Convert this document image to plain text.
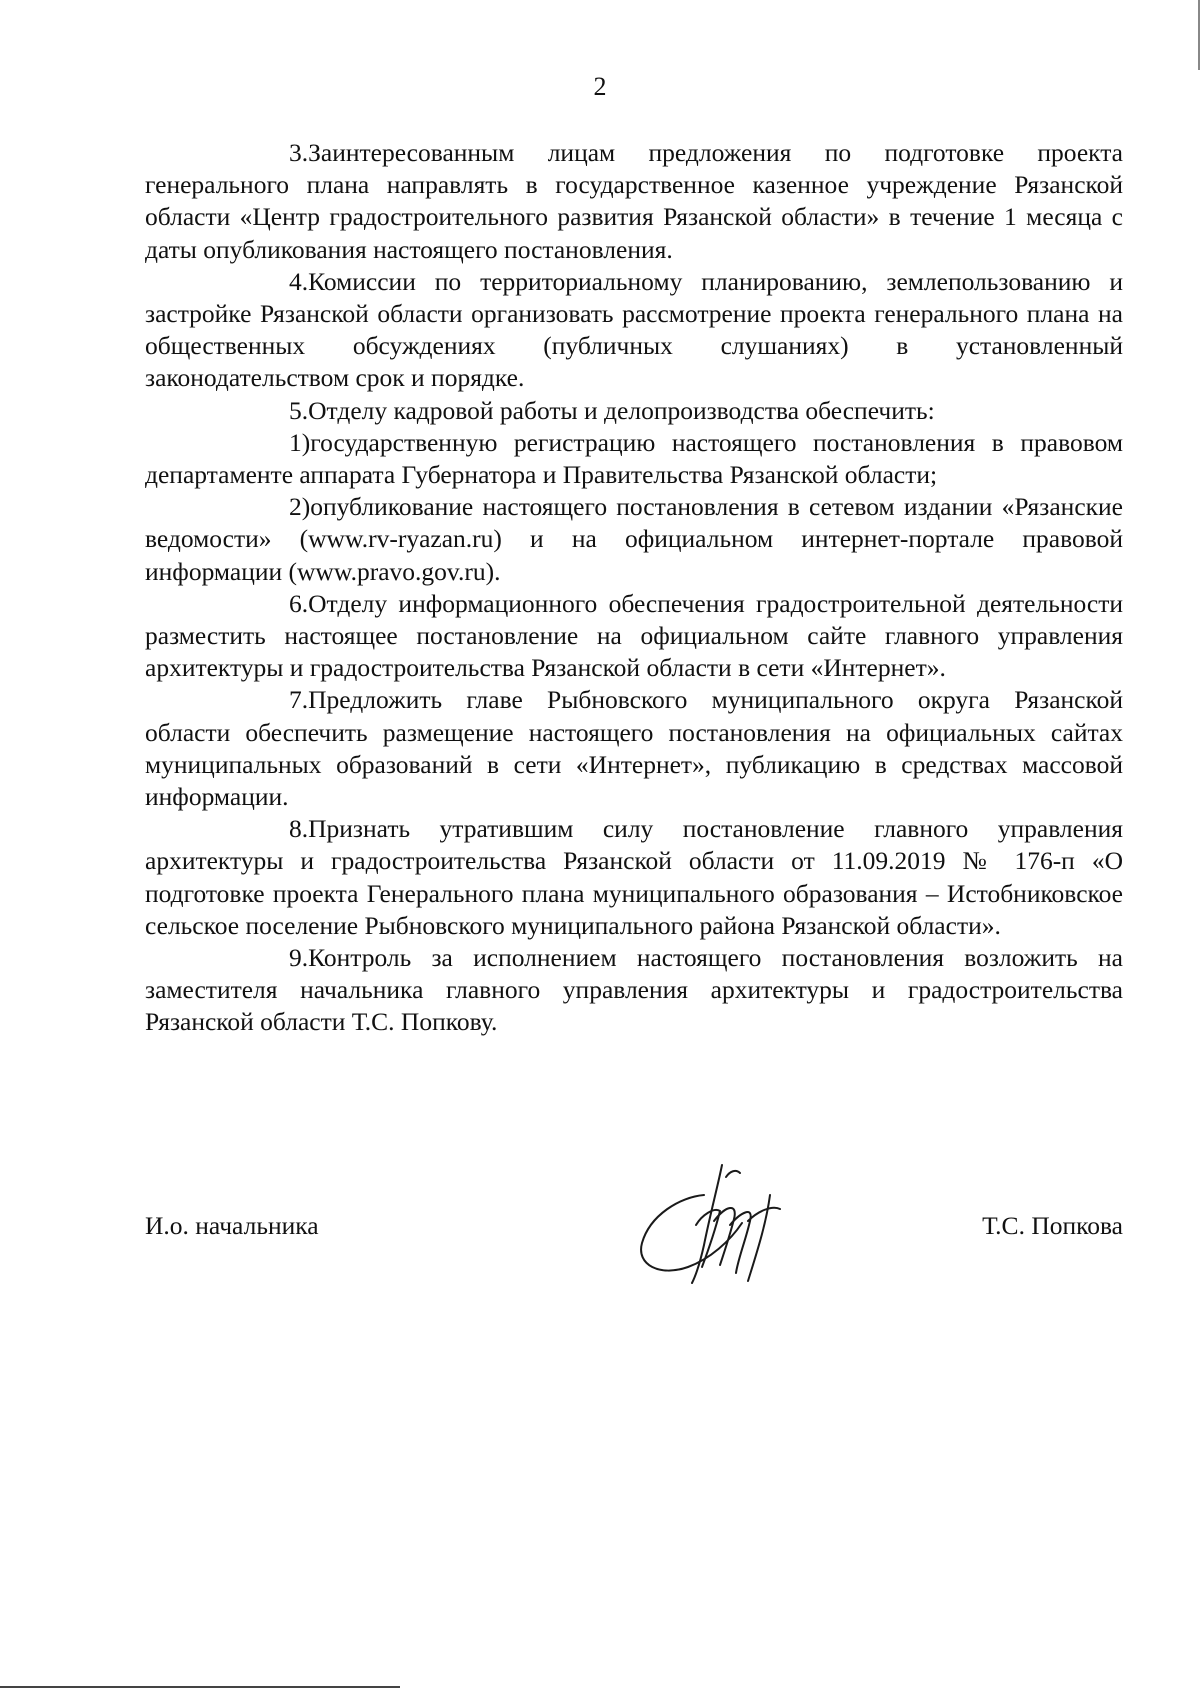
2

3.Заинтересованным лицам предложения по подготовке проекта генерального плана направлять в государственное казенное учреждение Рязанской области «Центр градостроительного развития Рязанской области» в течение 1 месяца с даты опубликования настоящего постановления.

4.Комиссии по территориальному планированию, землепользованию и застройке Рязанской области организовать рассмотрение проекта генерального плана на общественных обсуждениях (публичных слушаниях) в установленный законодательством срок и порядке.

5.Отделу кадровой работы и делопроизводства обеспечить:

1)государственную регистрацию настоящего постановления в правовом департаменте аппарата Губернатора и Правительства Рязанской области;

2)опубликование настоящего постановления в сетевом издании «Рязанские ведомости» (www.rv-ryazan.ru) и на официальном интернет-портале правовой информации (www.pravo.gov.ru).

6.Отделу информационного обеспечения градостроительной деятельности разместить настоящее постановление на официальном сайте главного управления архитектуры и градостроительства Рязанской области в сети «Интернет».

7.Предложить главе Рыбновского муниципального округа Рязанской области обеспечить размещение настоящего постановления на официальных сайтах муниципальных образований в сети «Интернет», публикацию в средствах массовой информации.

8.Признать утратившим силу постановление главного управления архитектуры и градостроительства Рязанской области от 11.09.2019 № 176-п «О подготовке проекта Генерального плана муниципального образования – Истобниковское сельское поселение Рыбновского муниципального района Рязанской области».

9.Контроль за исполнением настоящего постановления возложить на заместителя начальника главного управления архитектуры и градостроительства Рязанской области Т.С. Попкову.

И.о. начальника	Т.С. Попкова
